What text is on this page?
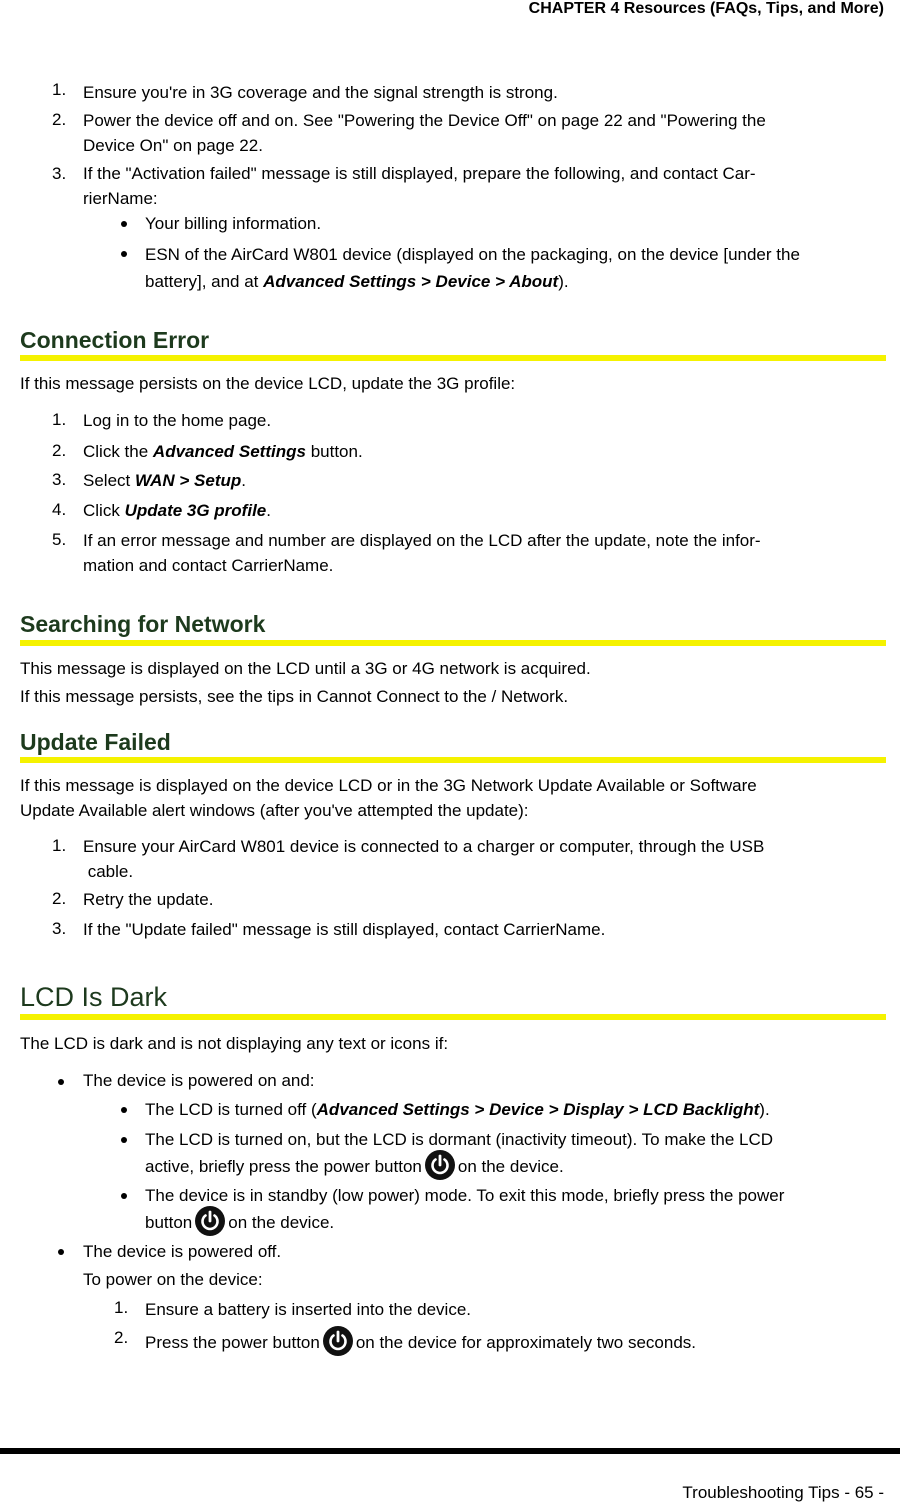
CHAPTER 4 Resources (FAQs, Tips, and More)
1. Ensure you're in 3G coverage and the signal strength is strong.
2. Power the device off and on. See "Powering the Device Off" on page 22 and "Powering the
Device On" on page 22.
3. If the "Activation failed" message is still displayed, prepare the following, and contact Car-
rierName:
Your billing information.
ESN of the AirCard W801 device (displayed on the packaging, on the device [under the
battery], and at Advanced Settings > Device > About).
Connection Error
If this message persists on the device LCD, update the 3G profile:
1. Log in to the home page.
2. Click the Advanced Settings button.
3. Select WAN > Setup.
4. Click Update 3G profile.
5. If an error message and number are displayed on the LCD after the update, note the infor-
mation and contact CarrierName.
Searching for Network
This message is displayed on the LCD until a 3G or 4G network is acquired.
If this message persists, see the tips in Cannot Connect to the / Network.
Update Failed
If this message is displayed on the device LCD or in the 3G Network Update Available or Software
Update Available alert windows (after you've attempted the update):
1. Ensure your AirCard W801 device is connected to a charger or computer, through the USB
cable.
2. Retry the update.
3. If the "Update failed" message is still displayed, contact CarrierName.
LCD Is Dark
The LCD is dark and is not displaying any text or icons if:
The device is powered on and:
The LCD is turned off (Advanced Settings > Device > Display > LCD Backlight).
The LCD is turned on, but the LCD is dormant (inactivity timeout). To make the LCD
active, briefly press the power button on the device.
The device is in standby (low power) mode. To exit this mode, briefly press the power
button on the device.
The device is powered off.
To power on the device:
1. Ensure a battery is inserted into the device.
2. Press the power button on the device for approximately two seconds.
Troubleshooting Tips - 65 -
